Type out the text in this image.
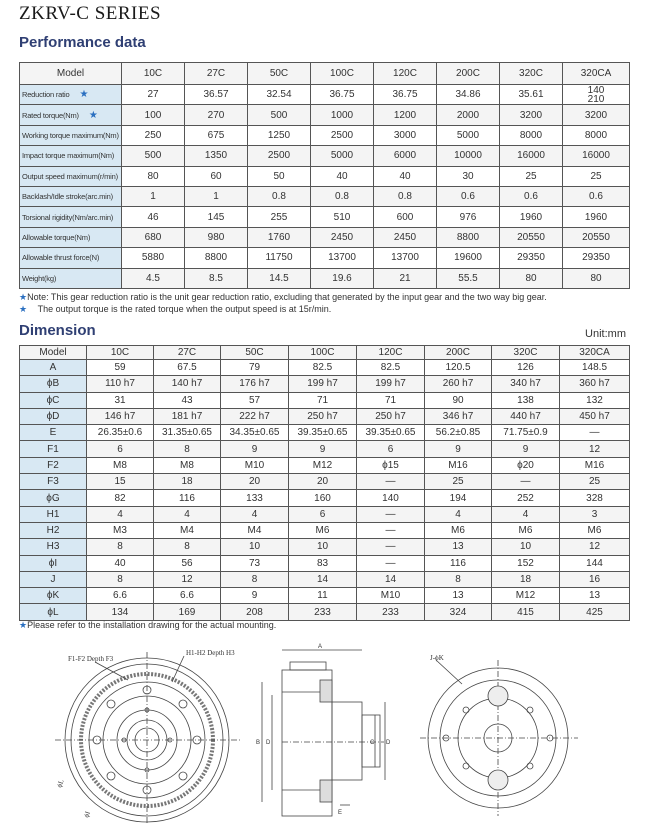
ZKRV-C SERIES
Performance data
Model	10C	27C	50C	100C	120C	200C	320C	320CA
Reduction ratio ★	27	36.57	32.54	36.75	36.75	34.86	35.61	140
210
Rated torque(Nm) ★	100	270	500	1000	1200	2000	3200	3200
Working torque maximum(Nm)	250	675	1250	2500	3000	5000	8000	8000
Impact torque maximum(Nm)	500	1350	2500	5000	6000	10000	16000	16000
Output speed maximum(r/min)	80	60	50	40	40	30	25	25
Backlash/Idle stroke(arc.min)	1	1	0.8	0.8	0.8	0.6	0.6	0.6
Torsional rigidity(Nm/arc.min)	46	145	255	510	600	976	1960	1960
Allowable torque(Nm)	680	980	1760	2450	2450	8800	20550	20550
Allowable thrust force(N)	5880	8800	11750	13700	13700	19600	29350	29350
Weight(kg)	4.5	8.5	14.5	19.6	21	55.5	80	80
★Note: This gear reduction ratio is the unit gear reduction ratio, excluding that generated by the input gear and the two way big gear.
★ The output torque is the rated torque when the output speed is at 15r/min.
Dimension	Unit:mm
Model	10C	27C	50C	100C	120C	200C	320C	320CA
A	59	67.5	79	82.5	82.5	120.5	126	148.5
ϕB	110 h7	140 h7	176 h7	199 h7	199 h7	260 h7	340 h7	360 h7
ϕC	31	43	57	71	71	90	138	132
ϕD	146 h7	181 h7	222 h7	250 h7	250 h7	346 h7	440 h7	450 h7
E	26.35±0.6	31.35±0.65	34.35±0.65	39.35±0.65	39.35±0.65	56.2±0.85	71.75±0.9	—
F1	6	8	9	9	6	9	9	12
F2	M8	M8	M10	M12	ϕ15	M16	ϕ20	M16
F3	15	18	20	20	—	25	—	25
ϕG	82	116	133	160	140	194	252	328
H1	4	4	4	6	—	4	4	3
H2	M3	M4	M4	M6	—	M6	M6	M6
H3	8	8	10	10	—	13	10	12
ϕI	40	56	73	83	—	116	152	144
J	8	12	8	14	14	8	18	16
ϕK	6.6	6.6	9	11	M10	13	M12	13
ϕL	134	169	208	233	233	324	415	425
★Please refer to the installation drawing for the actual mounting.
F1-F2 Depth F3
H1-H2 Depth H3
ϕL
ϕI
A
B D	C D
E
J-ϕK
